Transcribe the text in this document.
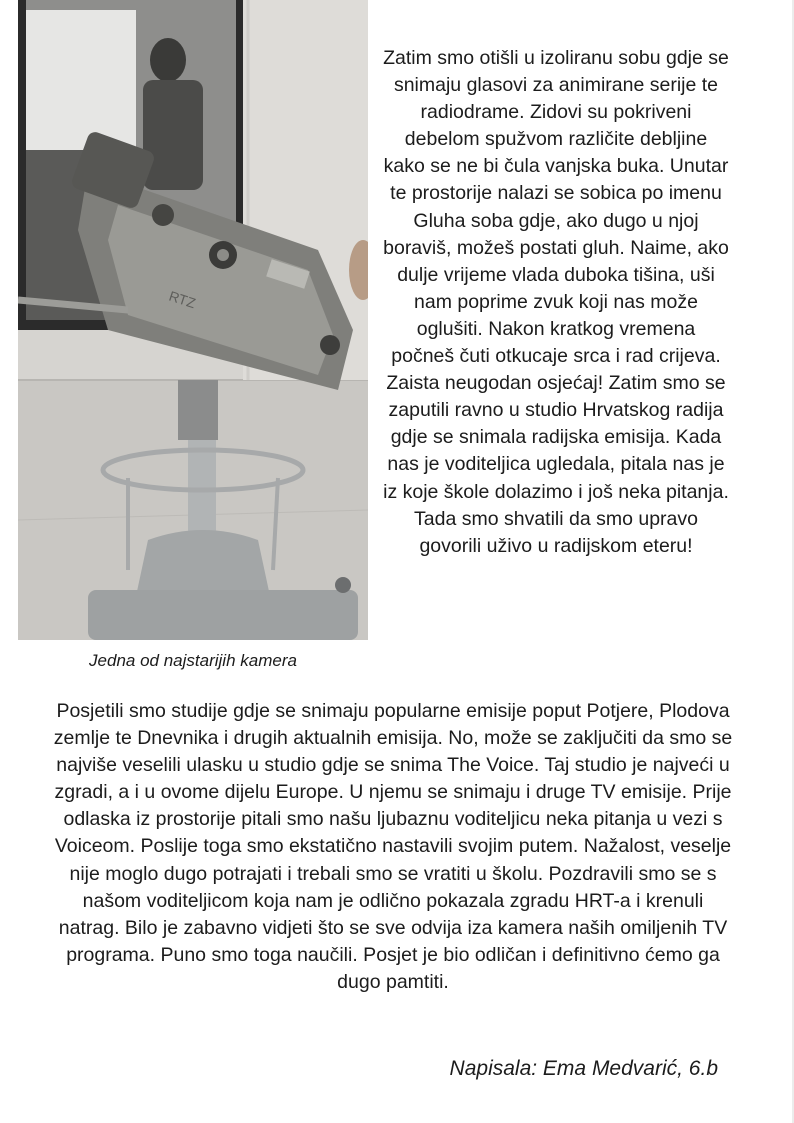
RTZ
Jedna od najstarijih kamera
Zatim smo otišli u izoliranu sobu gdje se snimaju glasovi za animirane serije te radiodrame. Zidovi su pokriveni debelom spužvom različite debljine kako se ne bi čula vanjska buka. Unutar te prostorije nalazi se sobica po imenu Gluha soba gdje, ako dugo u njoj boraviš, možeš postati gluh. Naime, ako dulje vrijeme vlada duboka tišina, uši nam poprime zvuk koji nas može oglušiti. Nakon kratkog vremena počneš čuti otkucaje srca i rad crijeva. Zaista neugodan osjećaj! Zatim smo se zaputili ravno u studio Hrvatskog radija gdje se snimala radijska emisija. Kada nas je voditeljica ugledala, pitala nas je iz koje škole dolazimo i još neka pitanja. Tada smo shvatili da smo upravo govorili uživo u radijskom eteru!
Posjetili smo studije gdje se snimaju popularne emisije poput Potjere, Plodova zemlje te Dnevnika i drugih aktualnih emisija. No, može se zaključiti da smo se najviše veselili ulasku u studio gdje se snima The Voice. Taj studio je najveći u zgradi, a i u ovome dijelu Europe. U njemu se snimaju i druge TV emisije. Prije odlaska iz prostorije pitali smo našu ljubaznu voditeljicu neka pitanja u vezi s Voiceom. Poslije toga smo ekstatično nastavili svojim putem. Nažalost, veselje nije moglo dugo potrajati i trebali smo se vratiti u školu. Pozdravili smo se s našom voditeljicom koja nam je odlično pokazala zgradu HRT-a i krenuli natrag. Bilo je zabavno vidjeti što se sve odvija iza kamera naših omiljenih TV programa. Puno smo toga naučili. Posjet je bio odličan i definitivno ćemo ga dugo pamtiti.
Napisala: Ema Medvarić, 6.b
